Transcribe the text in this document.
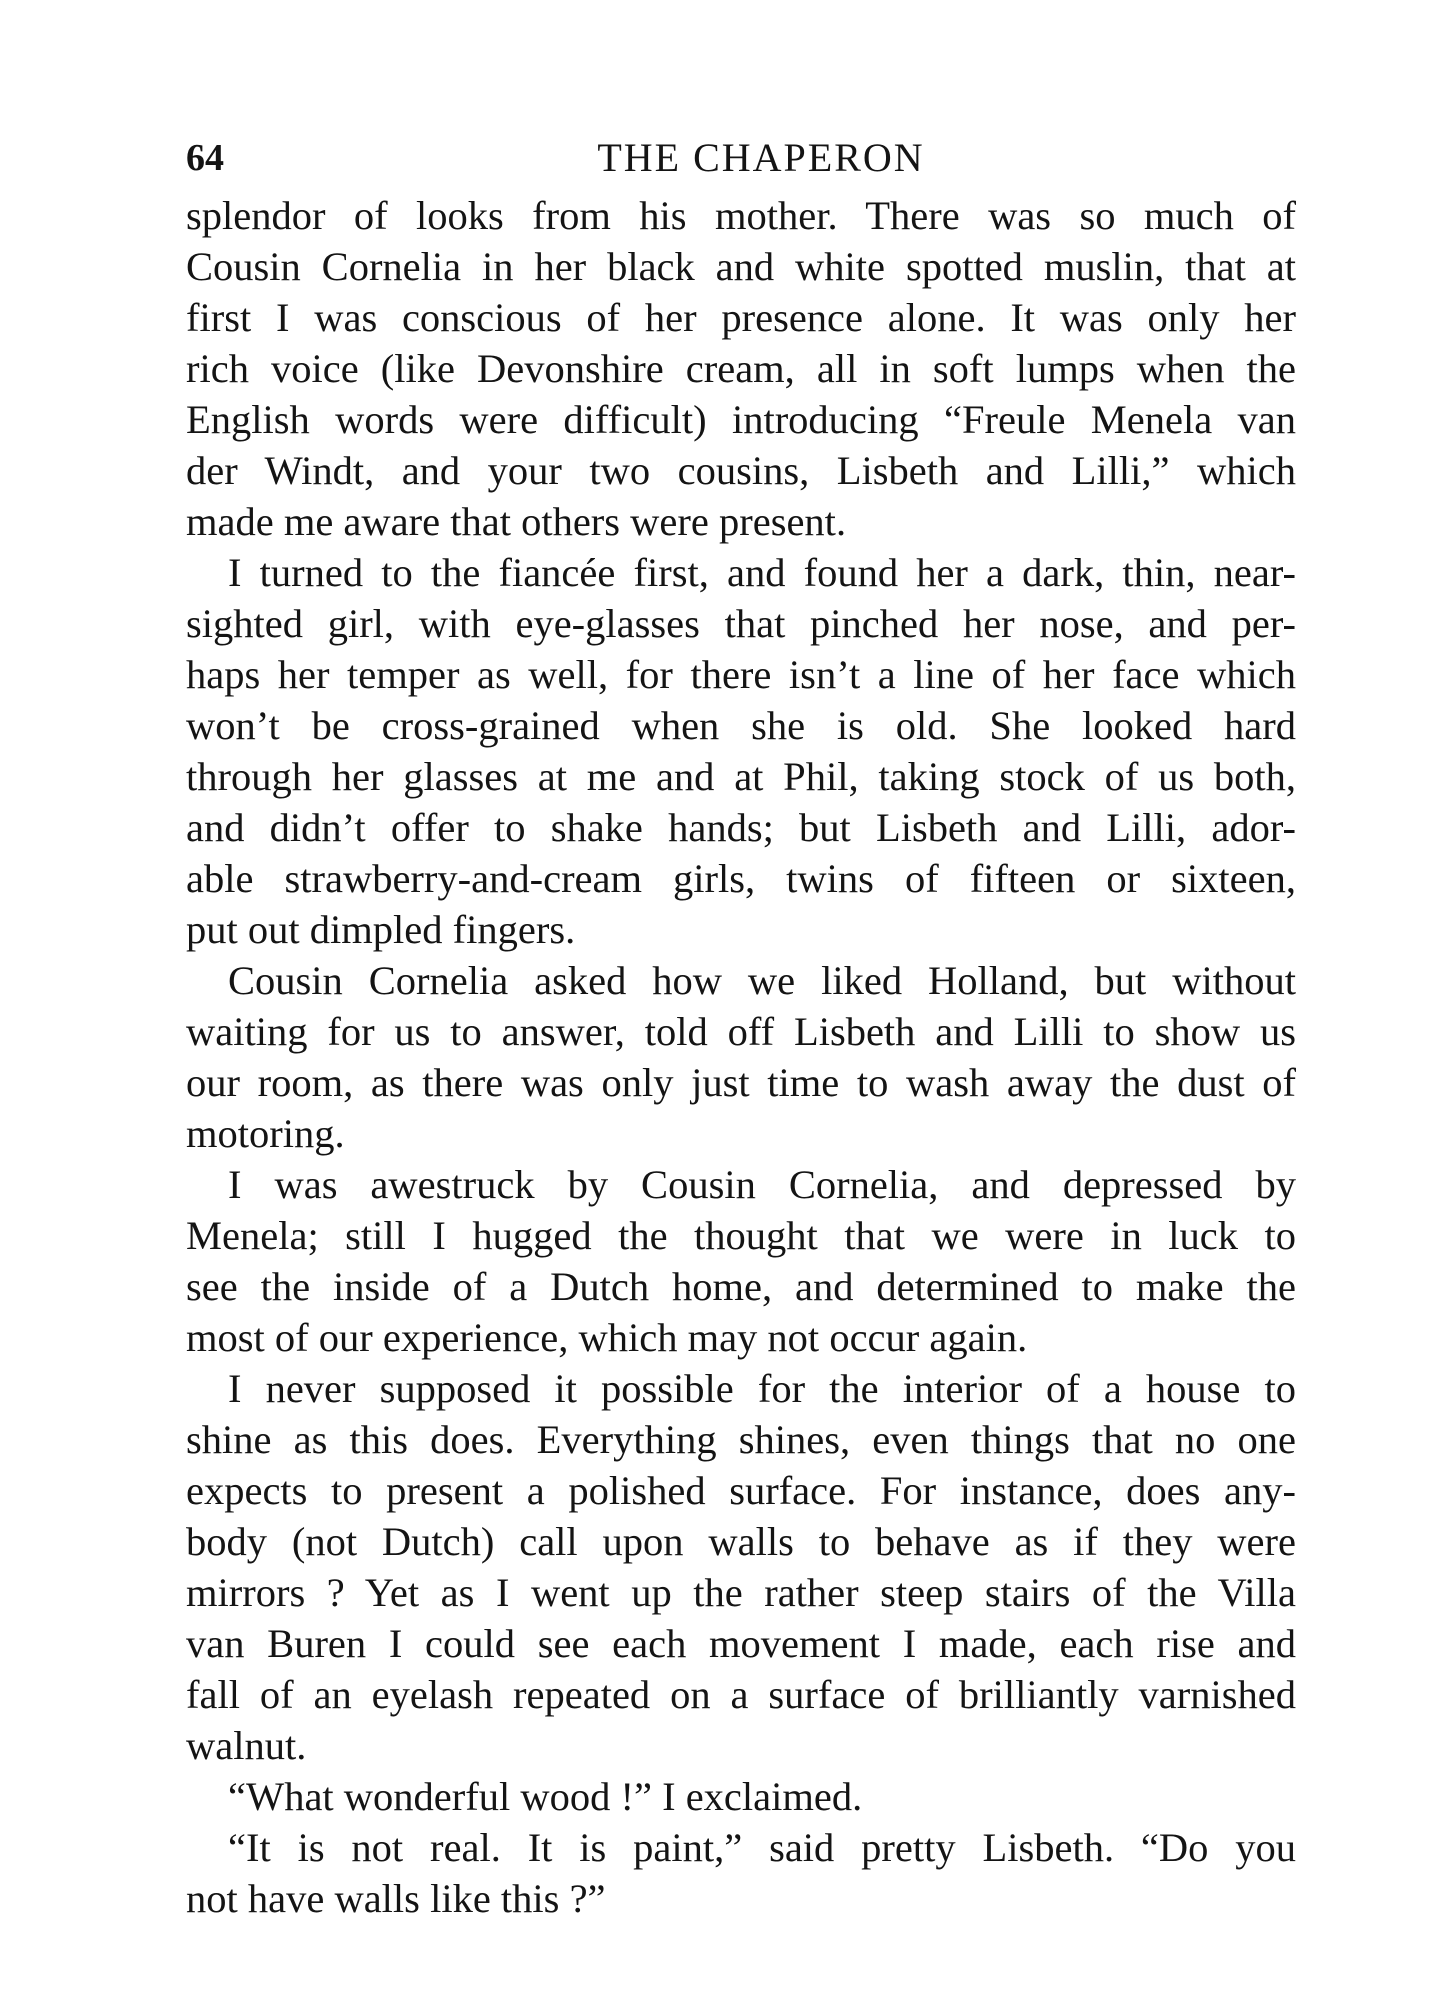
64	THE CHAPERON
splendor of looks from his mother. There was so much of
Cousin Cornelia in her black and white spotted muslin, that at
first I was conscious of her presence alone. It was only her
rich voice (like Devonshire cream, all in soft lumps when the
English words were difficult) introducing “Freule Menela van
der Windt, and your two cousins, Lisbeth and Lilli,” which
made me aware that others were present.
I turned to the fiancée first, and found her a dark, thin, near-
sighted girl, with eye-glasses that pinched her nose, and per-
haps her temper as well, for there isn’t a line of her face which
won’t be cross-grained when she is old. She looked hard
through her glasses at me and at Phil, taking stock of us both,
and didn’t offer to shake hands; but Lisbeth and Lilli, ador-
able strawberry-and-cream girls, twins of fifteen or sixteen,
put out dimpled fingers.
Cousin Cornelia asked how we liked Holland, but without
waiting for us to answer, told off Lisbeth and Lilli to show us
our room, as there was only just time to wash away the dust of
motoring.
I was awestruck by Cousin Cornelia, and depressed by
Menela; still I hugged the thought that we were in luck to
see the inside of a Dutch home, and determined to make the
most of our experience, which may not occur again.
I never supposed it possible for the interior of a house to
shine as this does. Everything shines, even things that no one
expects to present a polished surface. For instance, does any-
body (not Dutch) call upon walls to behave as if they were
mirrors ? Yet as I went up the rather steep stairs of the Villa
van Buren I could see each movement I made, each rise and
fall of an eyelash repeated on a surface of brilliantly varnished
walnut.
“What wonderful wood !” I exclaimed.
“It is not real. It is paint,” said pretty Lisbeth. “Do you
not have walls like this ?”
